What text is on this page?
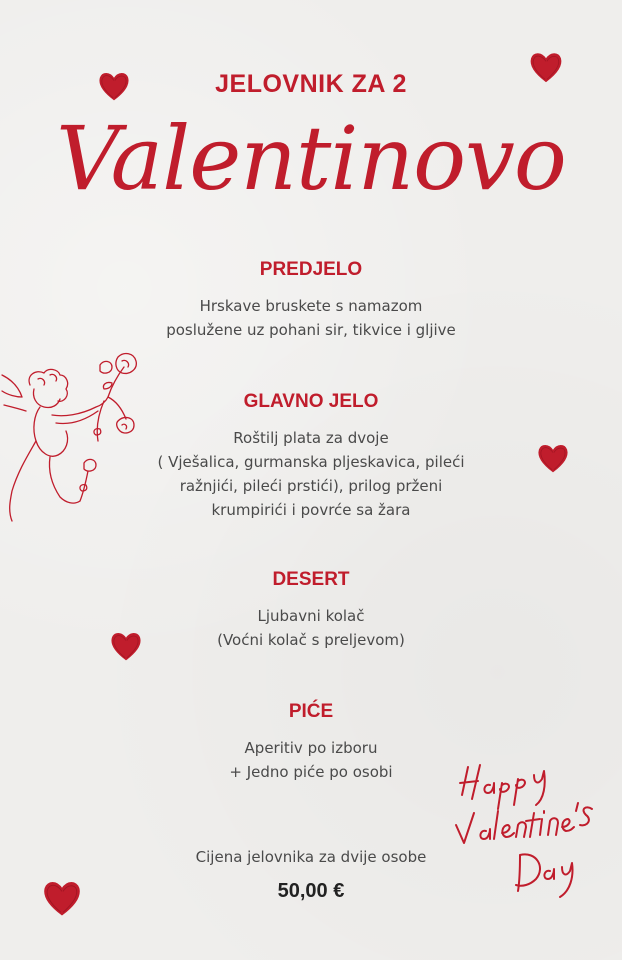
JELOVNIK ZA 2
Valentinovo
PREDJELO
Hrskave bruskete s namazom
poslužene uz pohani sir, tikvice i gljive
GLAVNO JELO
Roštilj plata za dvoje
( Vješalica, gurmanska pljeskavica, pileći
ražnjići, pileći prstići), prilog prženi
krumpirići i povrće sa žara
DESERT
Ljubavni kolač
(Voćni kolač s preljevom)
PIĆE
Aperitiv po izboru
+ Jedno piće po osobi
Cijena jelovnika za dvije osobe
50,00 €
